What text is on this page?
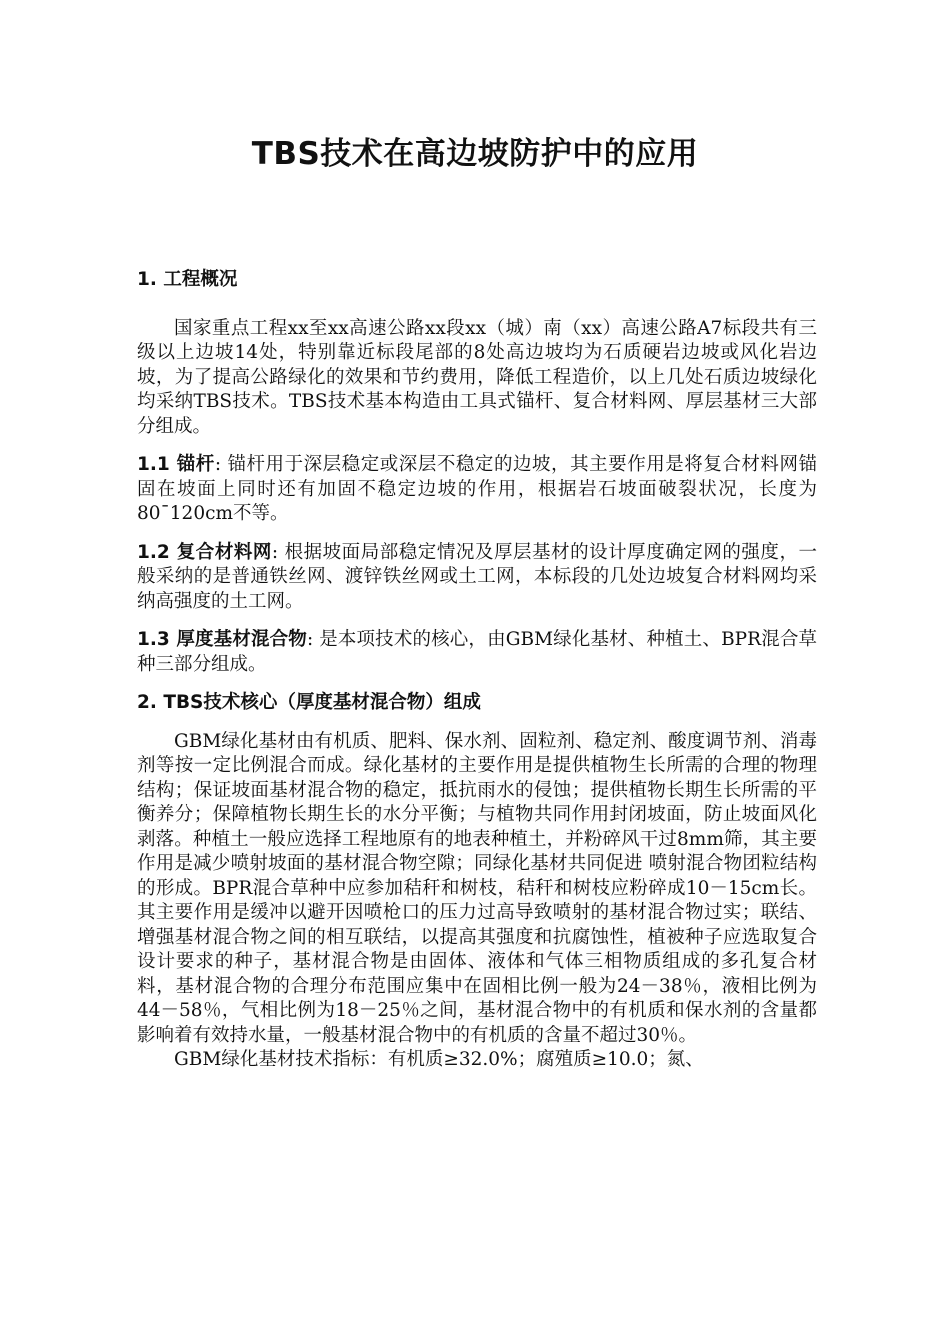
TBS技术在高边坡防护中的应用
1. 工程概况

国家重点工程xx至xx高速公路xx段xx（城）南（xx）高速公路A7标段共有三级以上边坡14处，特别靠近标段尾部的8处高边坡均为石质硬岩边坡或风化岩边坡，为了提高公路绿化的效果和节约费用，降低工程造价，以上几处石质边坡绿化均采纳TBS技术。TBS技术基本构造由工具式锚杆、复合材料网、厚层基材三大部分组成。

1.1 锚杆: 锚杆用于深层稳定或深层不稳定的边坡，其主要作用是将复合材料网锚固在坡面上同时还有加固不稳定边坡的作用，根据岩石坡面破裂状况，长度为80¯120cm不等。

1.2 复合材料网: 根据坡面局部稳定情况及厚层基材的设计厚度确定网的强度，一般采纳的是普通铁丝网、渡锌铁丝网或土工网，本标段的几处边坡复合材料网均采纳高强度的土工网。

1.3 厚度基材混合物: 是本项技术的核心，由GBM绿化基材、种植土、BPR混合草种三部分组成。

2. TBS技术核心（厚度基材混合物）组成

GBM绿化基材由有机质、肥料、保水剂、固粒剂、稳定剂、酸度调节剂、消毒剂等按一定比例混合而成。绿化基材的主要作用是提供植物生长所需的合理的物理结构；保证坡面基材混合物的稳定，抵抗雨水的侵蚀；提供植物长期生长所需的平衡养分；保障植物长期生长的水分平衡；与植物共同作用封闭坡面，防止坡面风化剥落。种植土一般应选择工程地原有的地表种植土，并粉碎风干过8mm筛，其主要作用是减少喷射坡面的基材混合物空隙；同绿化基材共同促进 喷射混合物团粒结构的形成。BPR混合草种中应参加秸秆和树枝，秸秆和树枝应粉碎成10－15cm长。其主要作用是缓冲以避开因喷枪口的压力过高导致喷射的基材混合物过实；联结、增强基材混合物之间的相互联结，以提高其强度和抗腐蚀性，植被种子应选取复合设计要求的种子，基材混合物是由固体、液体和气体三相物质组成的多孔复合材料，基材混合物的合理分布范围应集中在固相比例一般为24－38％，液相比例为44－58％，气相比例为18－25％之间，基材混合物中的有机质和保水剂的含量都影响着有效持水量，一般基材混合物中的有机质的含量不超过30％。

GBM绿化基材技术指标：有机质≥32.0%；腐殖质≥10.0；氮、
